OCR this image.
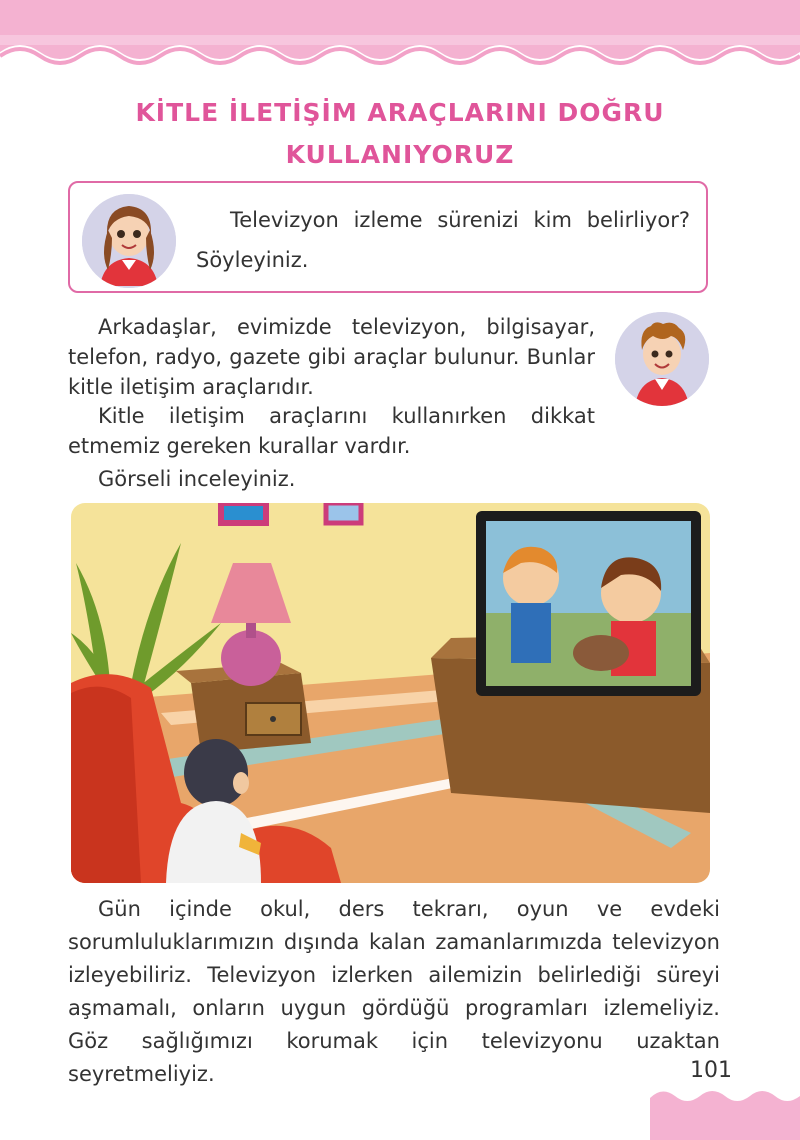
KİTLE İLETİŞİM ARAÇLARINI DOĞRU
KULLANIYORUZ
Televizyon izleme sürenizi kim belirliyor? Söyleyiniz.
Arkadaşlar, evimizde televizyon, bilgisayar, telefon, radyo, gazete gibi araçlar bulunur. Bunlar kitle iletişim araçlarıdır.
Kitle iletişim araçlarını kullanırken dikkat etmemiz gereken kurallar vardır.
Görseli inceleyiniz.
Gün içinde okul, ders tekrarı, oyun ve evdeki sorumluluklarımızın dışında kalan zamanlarımızda televizyon izleyebiliriz. Televizyon izlerken ailemizin belirlediği süreyi aşmamalı, onların uygun gördüğü programları izlemeliyiz. Göz sağlığımızı korumak için televizyonu uzaktan seyretmeliyiz.	101
